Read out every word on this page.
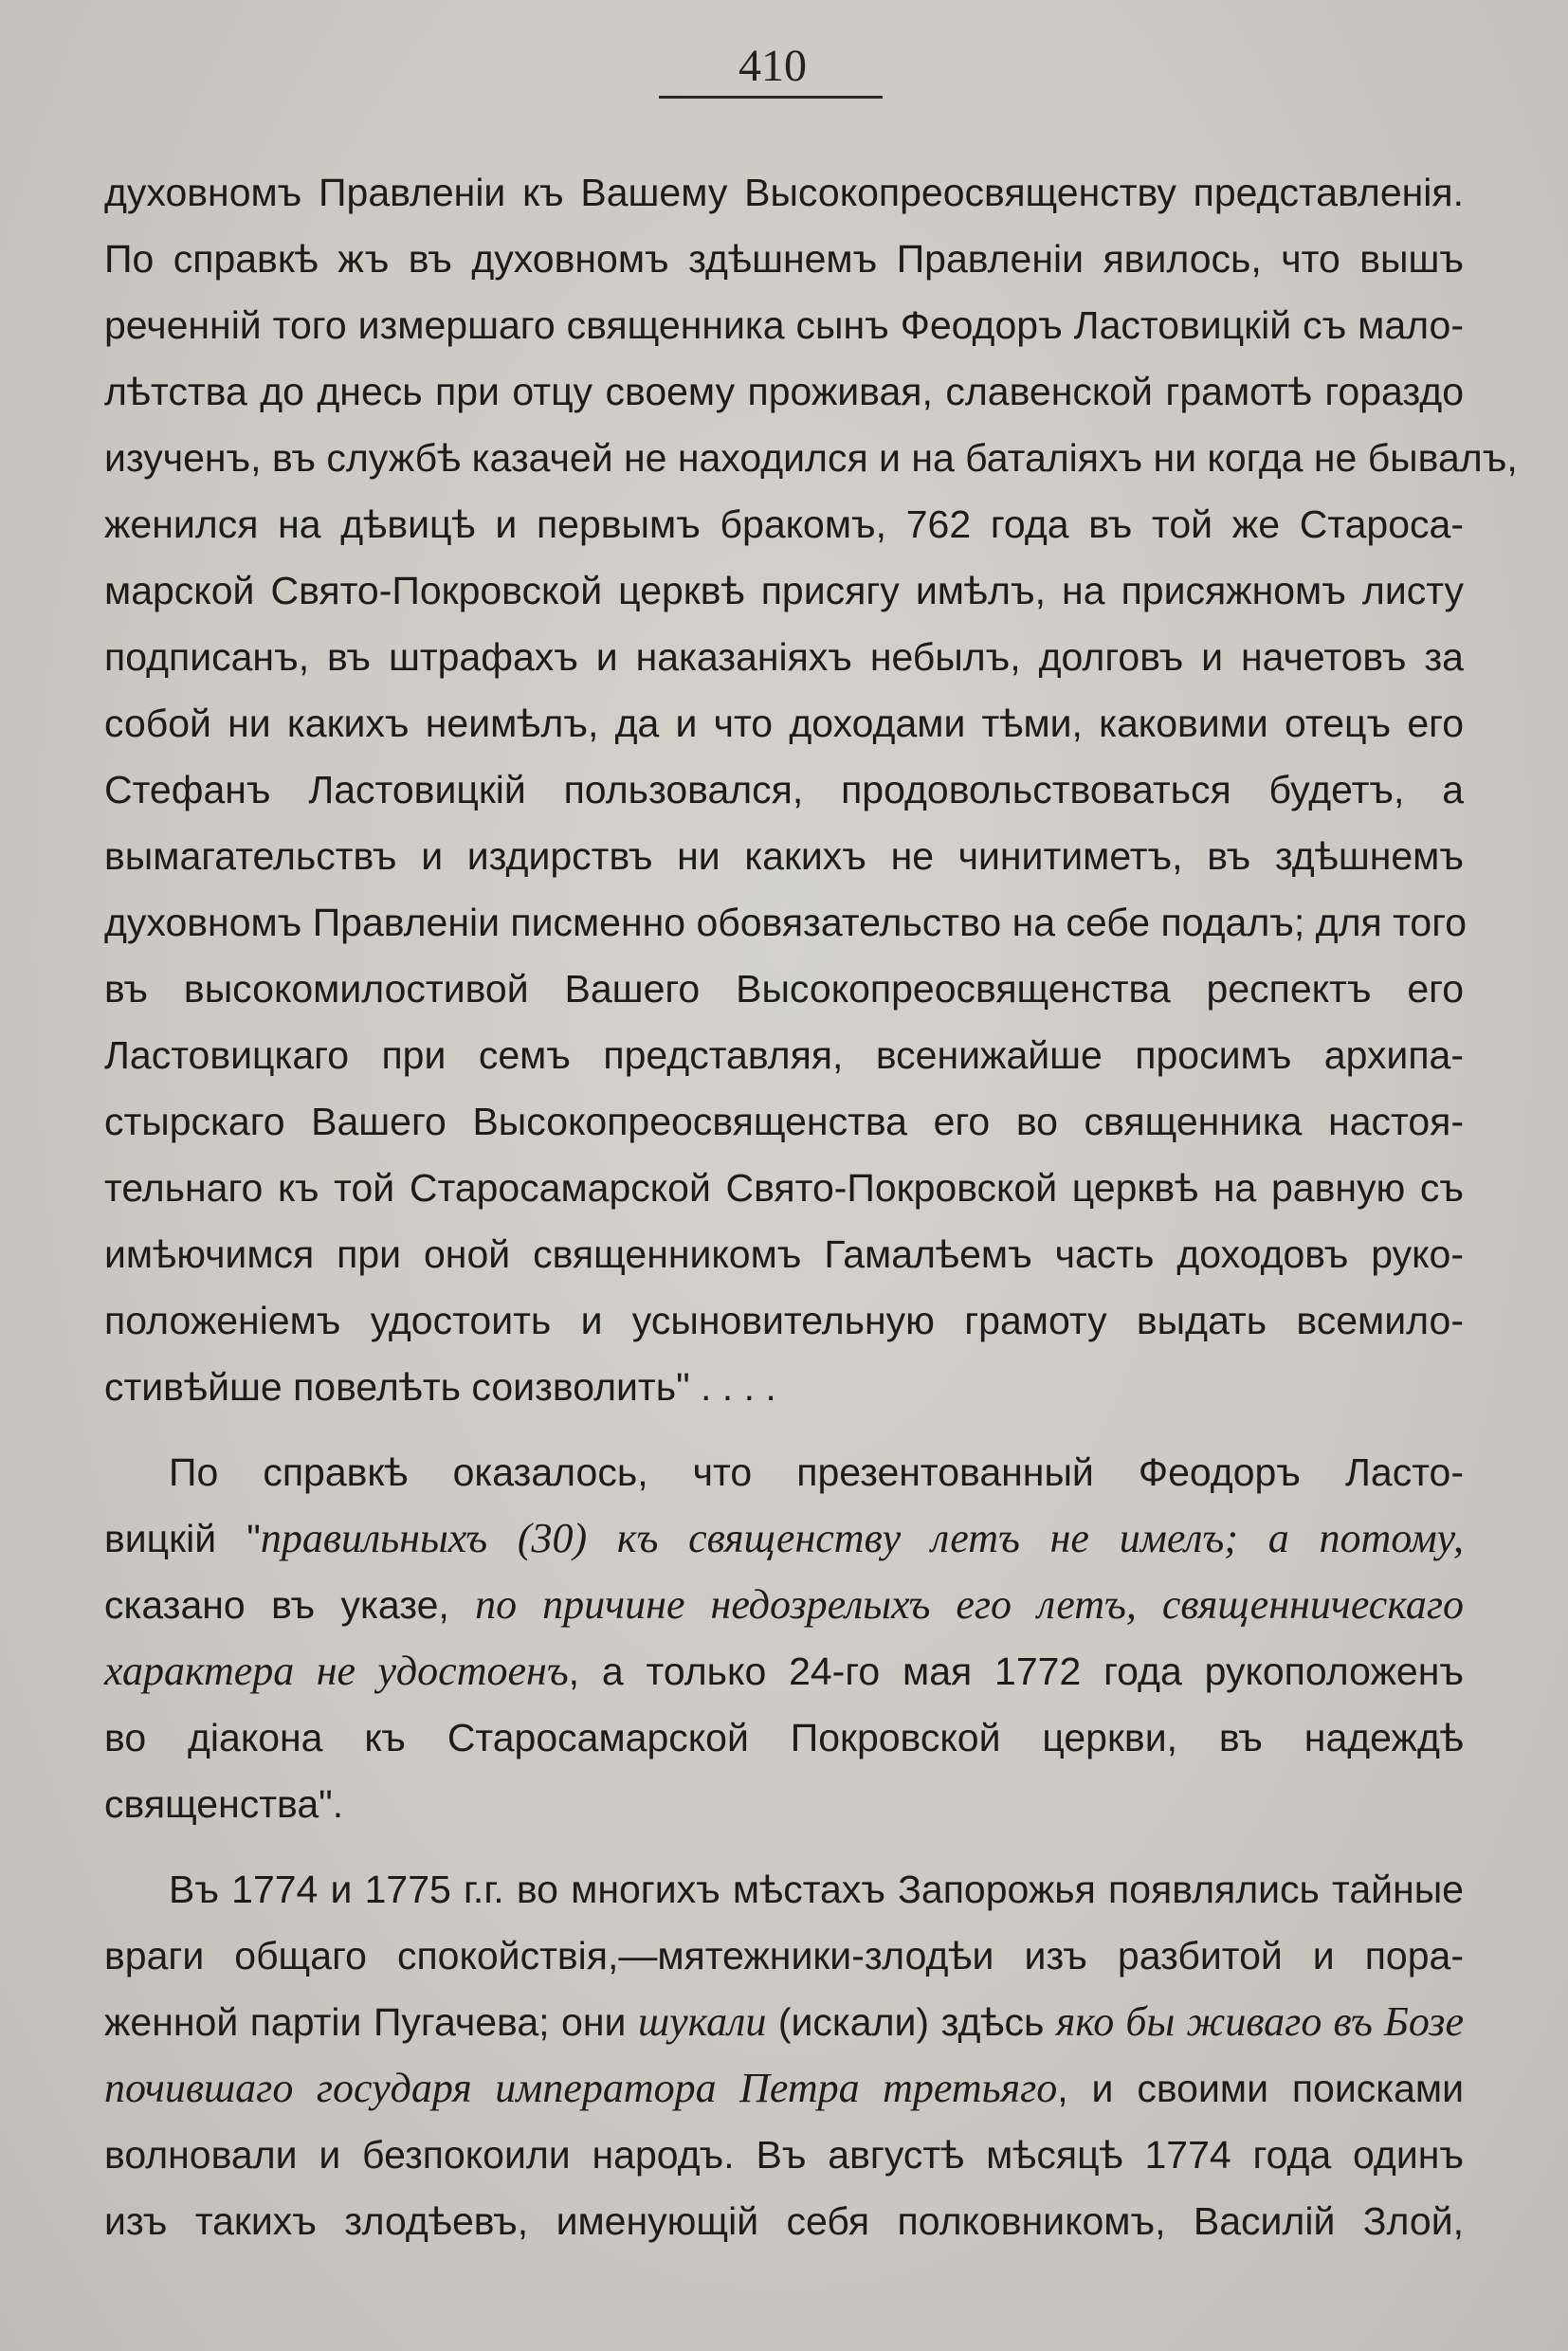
410
духовномъ Правленіи къ Вашему Высокопреосвященству представленія.
По справкѣ жъ въ духовномъ здѣшнемъ Правленіи явилось, что вышъ
реченній того измершаго священника сынъ Феодоръ Ластовицкій съ мало-
лѣтства до днесь при отцу своему проживая, славенской грамотѣ гораздо
изученъ, въ службѣ казачей не находился и на баталіяхъ ни когда не бывалъ,
женился на дѣвицѣ и первымъ бракомъ, 762 года въ той же Староса-
марской Свято-Покровской церквѣ присягу имѣлъ, на присяжномъ листу
подписанъ, въ штрафахъ и наказаніяхъ небылъ, долговъ и начетовъ за
собой ни какихъ неимѣлъ, да и что доходами тѣми, каковими отецъ его
Стефанъ Ластовицкій пользовался, продовольствоваться будетъ, а
вымагательствъ и издирствъ ни какихъ не чинитиметъ, въ здѣшнемъ
духовномъ Правленіи писменно обовязательство на себе подалъ; для того
въ высокомилостивой Вашего Высокопреосвященства респектъ его
Ластовицкаго при семъ представляя, всенижайше просимъ архипа-
стырскаго Вашего Высокопреосвященства его во священника настоя-
тельнаго къ той Старосамарской Свято-Покровской церквѣ на равную съ
имѣючимся при оной священникомъ Гамалѣемъ часть доходовъ руко-
положеніемъ удостоить и усыновительную грамоту выдать всемило-
стивѣйше повелѣть соизволить" . . . .
По справкѣ оказалось, что презентованный Феодоръ Ласто-
вицкій "правильныхъ (30) къ священству летъ не имелъ; а потому,
сказано въ указе, по причине недозрелыхъ его летъ, священническаго
характера не удостоенъ, а только 24-го мая 1772 года рукоположенъ
во діакона къ Старосамарской Покровской церкви, въ надеждѣ
священства".
Въ 1774 и 1775 г.г. во многихъ мѣстахъ Запорожья появлялись тайные
враги общаго спокойствія,—мятежники-злодѣи изъ разбитой и пора-
женной партіи Пугачева; они шукали (искали) здѣсь яко бы живаго въ Бозе
почившаго государя императора Петра третьяго, и своими поисками
волновали и безпокоили народъ. Въ августѣ мѣсяцѣ 1774 года одинъ
изъ такихъ злодѣевъ, именующій себя полковникомъ, Василій Злой,
